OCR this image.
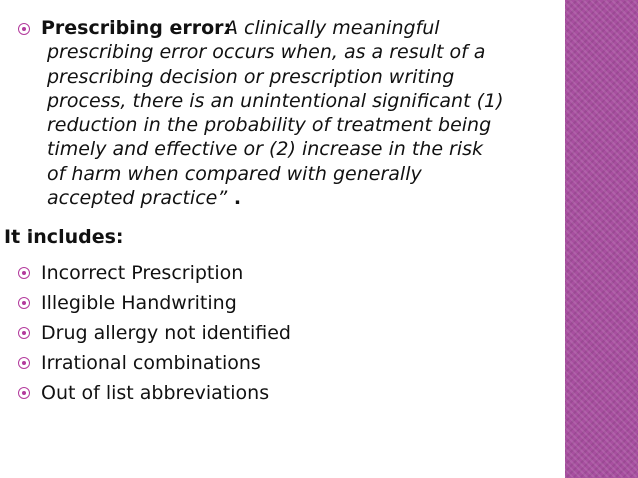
Prescribing error:
A clinically meaningful
prescribing error occurs when, as a result of a
prescribing decision or prescription writing
process, there is an unintentional significant (1)
reduction in the probability of treatment being
timely and effective or (2) increase in the risk
of harm when compared with generally
accepted practice” .
It includes:
Incorrect Prescription
Illegible Handwriting
Drug allergy not identified
Irrational combinations
Out of list abbreviations
